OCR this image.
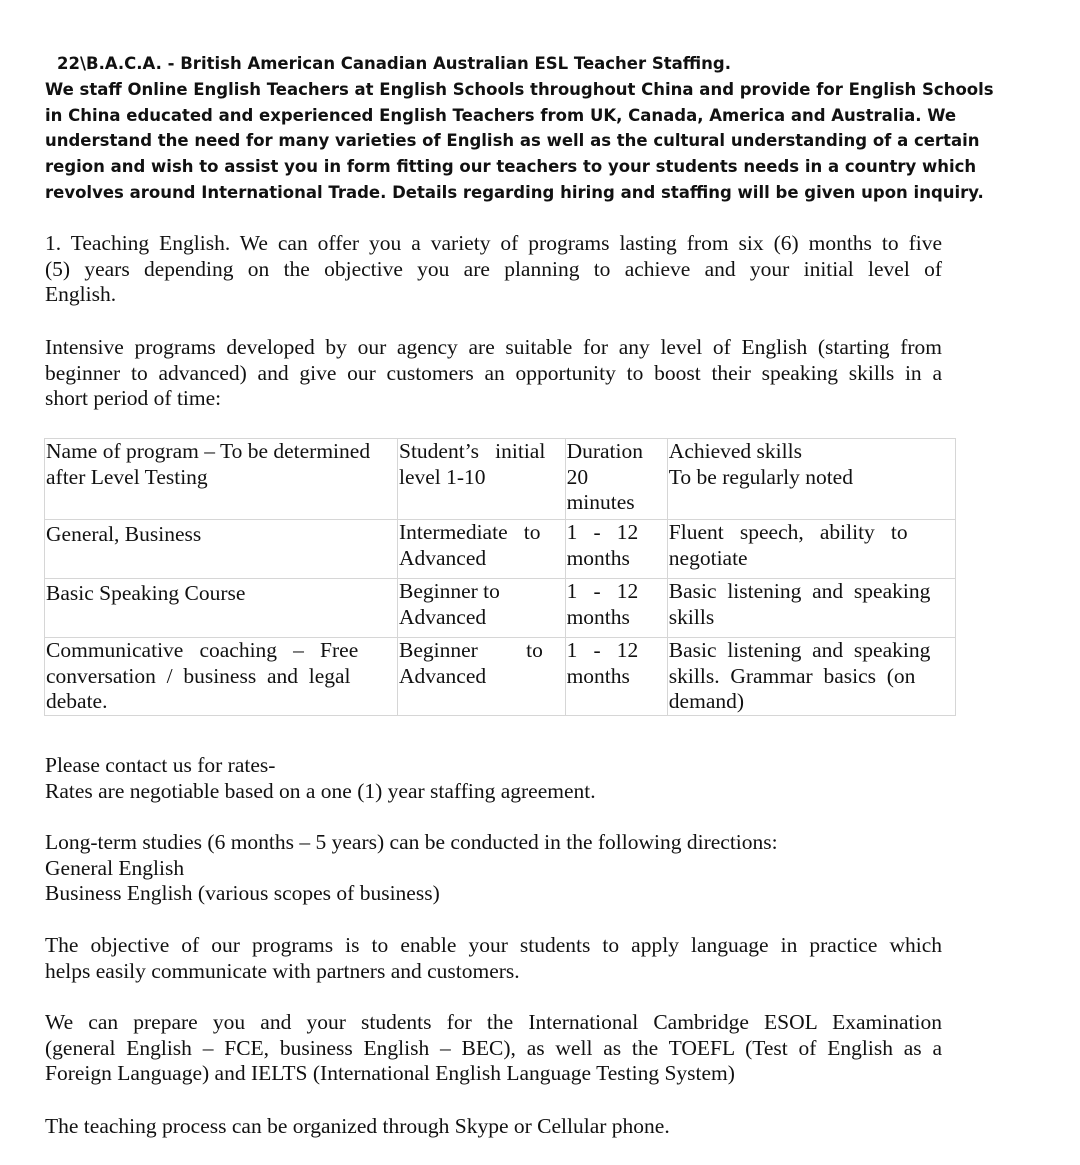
22\B.A.C.A. - British American Canadian Australian ESL Teacher Staffing.
We staff Online English Teachers at English Schools throughout China and provide for English Schools
in China educated and experienced English Teachers from UK, Canada, America and Australia. We
understand the need for many varieties of English as well as the cultural understanding of a certain
region and wish to assist you in form fitting our teachers to your students needs in a country which
revolves around International Trade. Details regarding hiring and staffing will be given upon inquiry.
1. Teaching English. We can offer you a variety of programs lasting from six (6) months to five
(5) years depending on the objective you are planning to achieve and your initial level of
English.
Intensive programs developed by our agency are suitable for any level of English (starting from
beginner to advanced) and give our customers an opportunity to boost their speaking skills in a
short period of time:
Name of program – To be determined
after Level Testing	Student’s   initial
level 1-10	Duration
20
minutes	Achieved skills
To be regularly noted

General, Business	Intermediate   to
Advanced	1   -   12
months	Fluent   speech,   ability   to
negotiate

Basic Speaking Course	Beginner to
Advanced	1   -   12
months	Basic  listening  and  speaking
skills

Communicative   coaching   –   Free
conversation  /  business  and  legal
debate.	Beginner         to
Advanced	1   -   12
months	Basic  listening  and  speaking
skills.  Grammar  basics  (on
demand)
Please contact us for rates-
Rates are negotiable based on a one (1) year staffing agreement.
Long-term studies (6 months – 5 years) can be conducted in the following directions:
General English
Business English (various scopes of business)
The objective of our programs is to enable your students to apply language in practice which
helps easily communicate with partners and customers.
We can prepare you and your students for the International Cambridge ESOL Examination
(general English – FCE, business English – BEC), as well as the TOEFL (Test of English as a
Foreign Language) and IELTS (International English Language Testing System)
The teaching process can be organized through Skype or Cellular phone.
